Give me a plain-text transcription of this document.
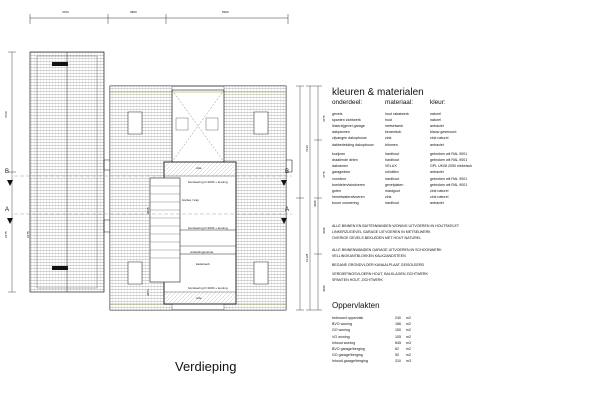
4700	3800	5900
7230
10128
4995
4475
4775
4695
4995
3720
2675	2675
3025
3873
B
A
B
A
vide
vide
bordes / trap
ontsluitingsruimte
borstwering h=1000 + leuning
borstwering h=1000 + leuning
kaderwerk
borstwering h=1000 + leuning
Verdieping
kleuren & materialen
onderdeel:	materiaal:	kleur:
gevels	hout rabatwerk	naturel
spanten zichtwerk	hout	naturel
linkerzijgevel garage	metselwerk	antraciet
dakpannen	keramisch	blauw gesmoord
zijvangen dakopbouw	zink	zink naturel
dakbedekking dakopbouw	bitumen	antraciet
kozijnen	hardhout	gebroken wit RAL 9001
draaiende delen	hardhout	gebroken wit RAL 9001
dakramen	VELUX	GPL UK08 2050 elektrisch
garagedeur	rolluiklex	antraciet
voordeur	hardhout	gebroken wit RAL 9001
boeidelen/windveren	gevelplaten	gebroken wit RAL 9001
goten	mastgoot	zink naturel
hemelwaterafvoeren	zink	zink naturel
buure zonwering	hardhout	antraciet
ALLE BINNEN EN BUITENWANDEN WONING UITVOEREN IN HOUTSKELET
LINKERZIJGEVEL GARAGE UITVOEREN IN METSELWERK
OVERIGE GEVELS BEKLEDEN MET HOUT NATUREL
ALLE BINNENWANDEN GARAGE UITVOEREN IN SCHOONWERK
VELLINGKANTBLOKKEN KALKZANDSTEEN
BEGANE GRONDVLOER KANAALPLAAT GEISOLEERD
VERDIEPINGSVLOERN HOUT, BALKLAGEN ZICHTWERK
SPANTEN HOUT, ZICHTWERK
Oppervlakten
bebouwd oppervlak	240 m2
BVO woning	186 m2
GO woning	150 m2
VG woning	105 m2
inhoud woning	845 m3
BVO garage/berging	62 m2
GO garage/berging	50 m2
inhoud garage/berging	310 m3
